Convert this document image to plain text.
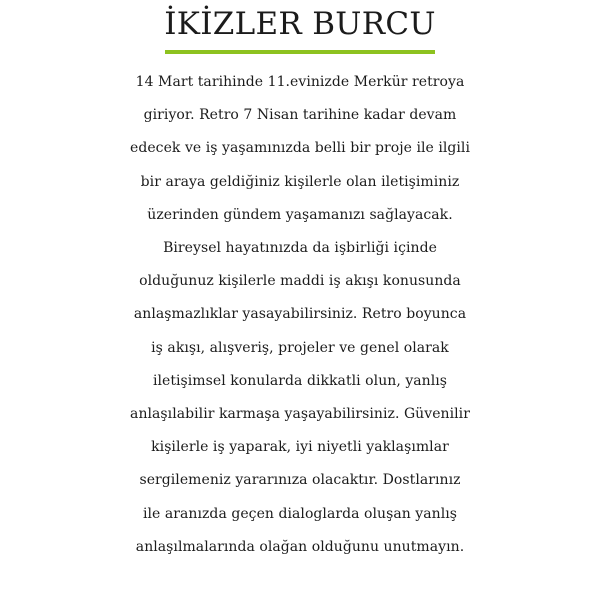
İKİZLER BURCU

14 Mart tarihinde 11.evinizde Merkür retroya
giriyor. Retro 7 Nisan tarihine kadar devam
edecek ve iş yaşamınızda belli bir proje ile ilgili
bir araya geldiğiniz kişilerle olan iletişiminiz
üzerinden gündem yaşamanızı sağlayacak.
Bireysel hayatınızda da işbirliği içinde
olduğunuz kişilerle maddi iş akışı konusunda
anlaşmazlıklar yasayabilirsiniz. Retro boyunca
iş akışı, alışveriş, projeler ve genel olarak
iletişimsel konularda dikkatli olun, yanlış
anlaşılabilir karmaşa yaşayabilirsiniz. Güvenilir
kişilerle iş yaparak, iyi niyetli yaklaşımlar
sergilemeniz yararınıza olacaktır. Dostlarınız
ile aranızda geçen dialoglarda oluşan yanlış
anlaşılmalarında olağan olduğunu unutmayın.
